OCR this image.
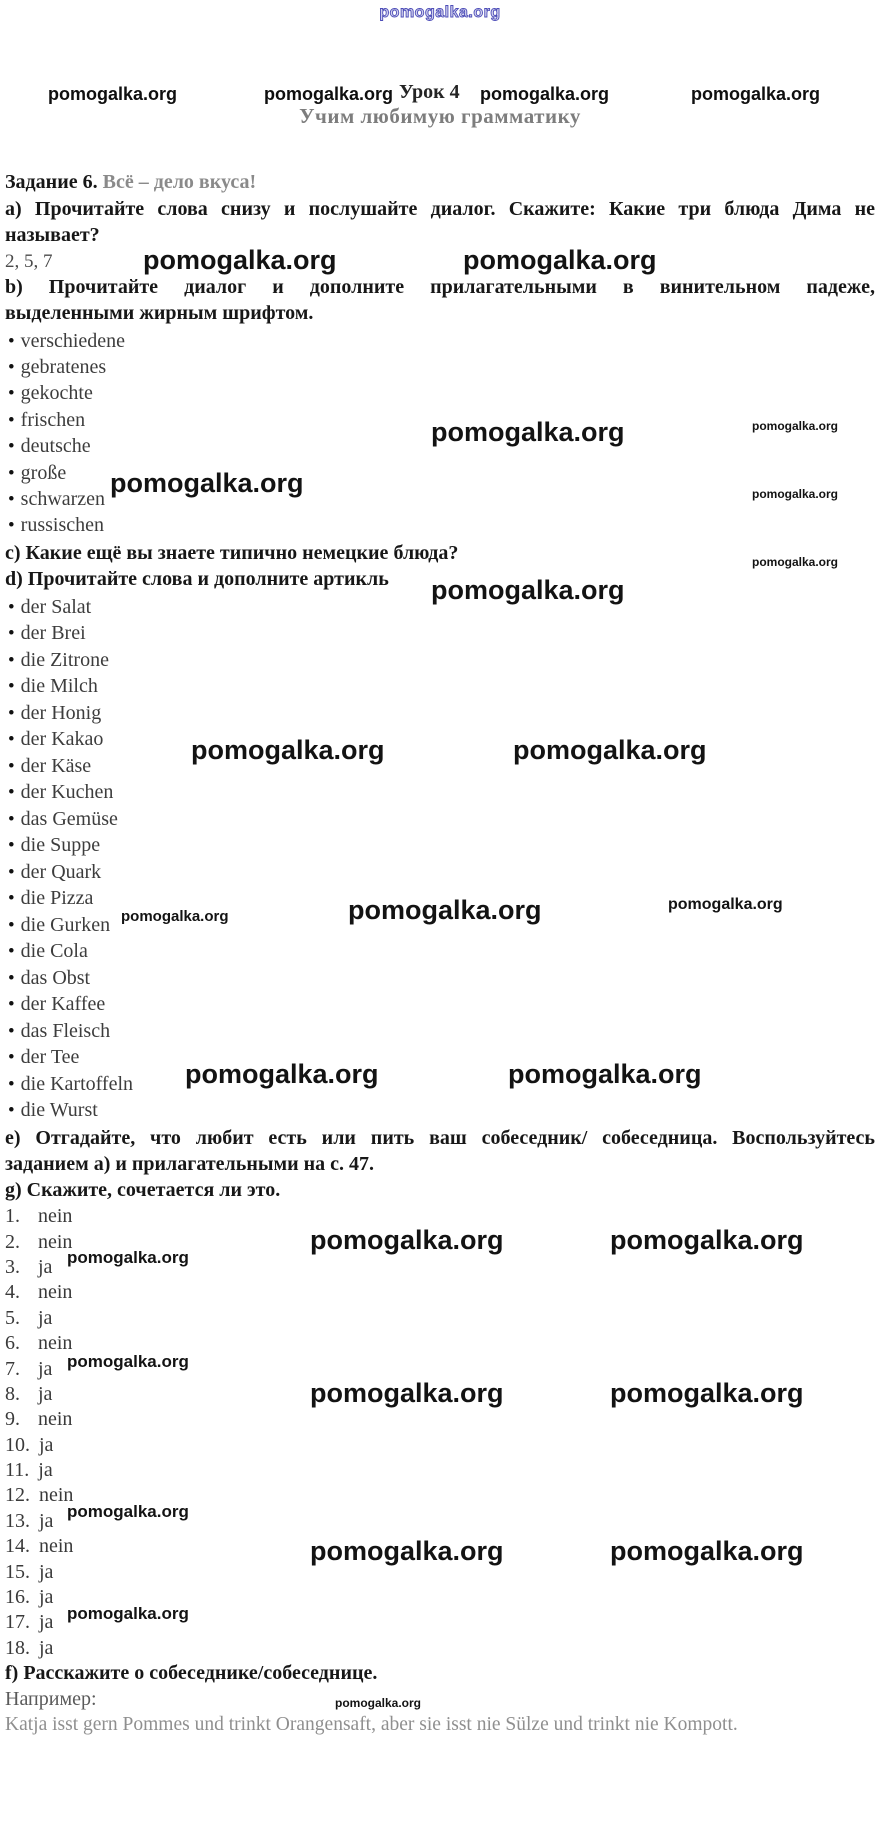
pomogalka.org
pomogalka.org	pomogalka.org Урок 4 pomogalka.org	pomogalka.org
Учим любимую грамматику
Задание 6. Всё – дело вкуса!
a) Прочитайте слова снизу и послушайте диалог. Скажите: Какие три блюда Дима не
называет?
2, 5, 7
b) Прочитайте диалог и дополните прилагательными в винительном падеже,
выделенными жирным шрифтом.
• verschiedene
• gebratenes
• gekochte
• frischen
• deutsche
• große
• schwarzen
• russischen
c) Какие ещё вы знаете типично немецкие блюда?
d) Прочитайте слова и дополните артикль
• der Salat
• der Brei
• die Zitrone
• die Milch
• der Honig
• der Kakao
• der Käse
• der Kuchen
• das Gemüse
• die Suppe
• der Quark
• die Pizza
• die Gurken
• die Cola
• das Obst
• der Kaffee
• das Fleisch
• der Tee
• die Kartoffeln
• die Wurst
e) Отгадайте, что любит есть или пить ваш собеседник/ собеседница. Воспользуйтесь
заданием a) и прилагательными на с. 47.
g) Скажите, сочетается ли это.
1. nein
2. nein
3. ja
4. nein
5. ja
6. nein
7. ja
8. ja
9. nein
10. ja
11. ja
12. nein
13. ja
14. nein
15. ja
16. ja
17. ja
18. ja
f) Расскажите о собеседнике/собеседнице.
Например:
Katja isst gern Pommes und trinkt Orangensaft, aber sie isst nie Sülze und trinkt nie Kompott.
pomogalka.org	pomogalka.org
pomogalka.org	pomogalka.org
pomogalka.org	pomogalka.org
pomogalka.org
pomogalka.org
pomogalka.org	pomogalka.org
pomogalka.org	pomogalka.org
pomogalka.org
pomogalka.org	pomogalka.org
pomogalka.org	pomogalka.org
pomogalka.org
pomogalka.org
pomogalka.org	pomogalka.org
pomogalka.org
pomogalka.org	pomogalka.org
pomogalka.org
pomogalka.org
